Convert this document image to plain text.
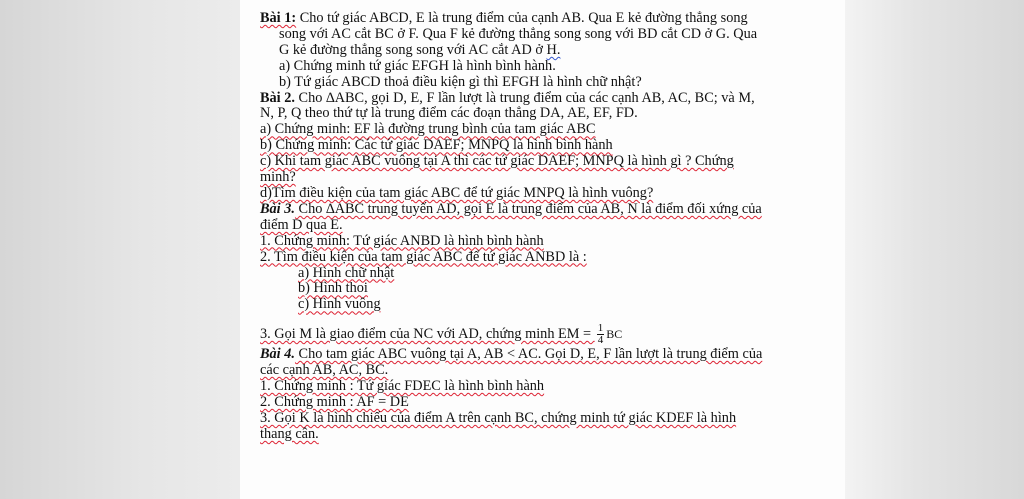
Bài 1: Cho tứ giác ABCD, E là trung điểm của cạnh AB. Qua E kẻ đường thẳng song

song với AC cắt BC ở F. Qua F kẻ đường thẳng song song với BD cắt CD ở G. Qua

G kẻ đường thẳng song song với AC cắt AD ở H.

a) Chứng minh tứ giác EFGH là hình bình hành.

b) Tứ giác ABCD thoả điều kiện gì thì EFGH là hình chữ nhật?

Bài 2. Cho ∆ABC, gọi D, E, F lần lượt là trung điểm của các cạnh AB, AC, BC; và M,

N, P, Q theo thứ tự là trung điểm các đoạn thẳng DA, AE, EF, FD.

a) Chứng minh: EF là đường trung bình của tam giác ABC

b) Chứng minh: Các tứ giác DAEF; MNPQ là hình bình hành

c) Khi tam giác ABC vuông tại A thì các tứ giác DAEF; MNPQ là hình gì ? Chứng

minh?

d)Tìm điều kiện của tam giác ABC để tứ giác MNPQ là hình vuông?

Bài 3. Cho ∆ABC trung tuyến AD, gọi E là trung điểm của AB, N là điểm đối xứng của

điểm D qua E.

1. Chứng minh: Tứ giác ANBD là hình bình hành

2. Tìm điều kiện của tam giác ABC để tứ giác ANBD là :

a) Hình chữ nhật

b) Hình thoi

c) Hình vuông

3. Gọi M là giao điểm của NC với AD, chứng minh EM = $\frac{1}{4}$ BC

Bài 4. Cho tam giác ABC vuông tại A, AB < AC. Gọi D, E, F lần lượt là trung điểm của

các cạnh AB, AC, BC.

1. Chứng minh : Tứ giác FDEC là hình bình hành

2. Chứng minh : AF = DE

3. Gọi K là hình chiếu của điểm A trên cạnh BC, chứng minh tứ giác KDEF là hình

thang cân.
